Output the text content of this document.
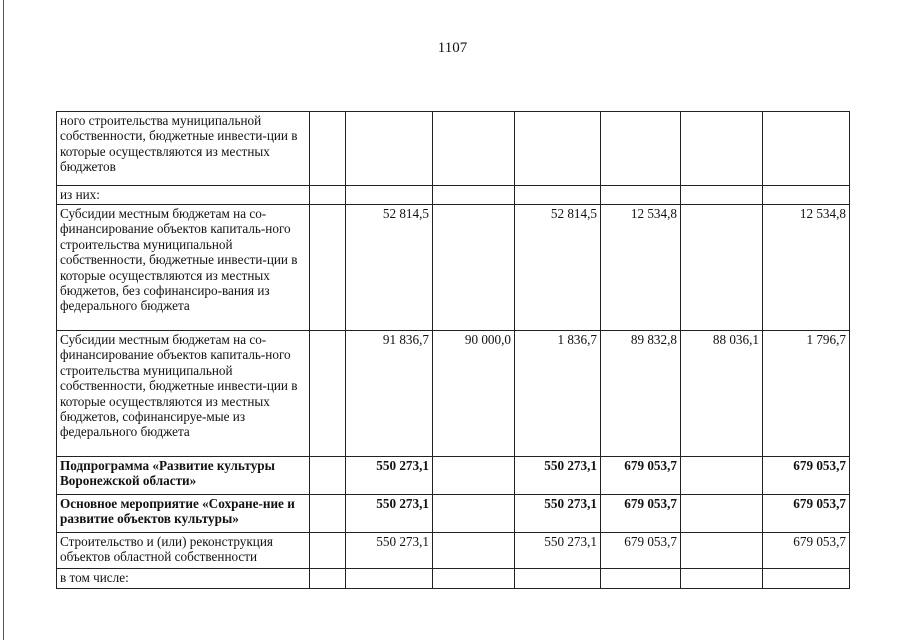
1107
ного строительства муниципальной собственности, бюджетные инвести-ции в которые осуществляются из местных бюджетов							
из них:							
Субсидии местным бюджетам на со-финансирование объектов капиталь-ного строительства муниципальной собственности, бюджетные инвести-ции в которые осуществляются из местных бюджетов, без софинансиро-вания из федерального бюджета		52 814,5		52 814,5	12 534,8		12 534,8
Субсидии местным бюджетам на со-финансирование объектов капиталь-ного строительства муниципальной собственности, бюджетные инвести-ции в которые осуществляются из местных бюджетов, софинансируе-мые из федерального бюджета		91 836,7	90 000,0	1 836,7	89 832,8	88 036,1	1 796,7
Подпрограмма «Развитие культуры Воронежской области»		550 273,1		550 273,1	679 053,7		679 053,7
Основное мероприятие «Сохране-ние и развитие объектов культуры»		550 273,1		550 273,1	679 053,7		679 053,7
Строительство и (или) реконструкция объектов областной собственности		550 273,1		550 273,1	679 053,7		679 053,7
в том числе:							
